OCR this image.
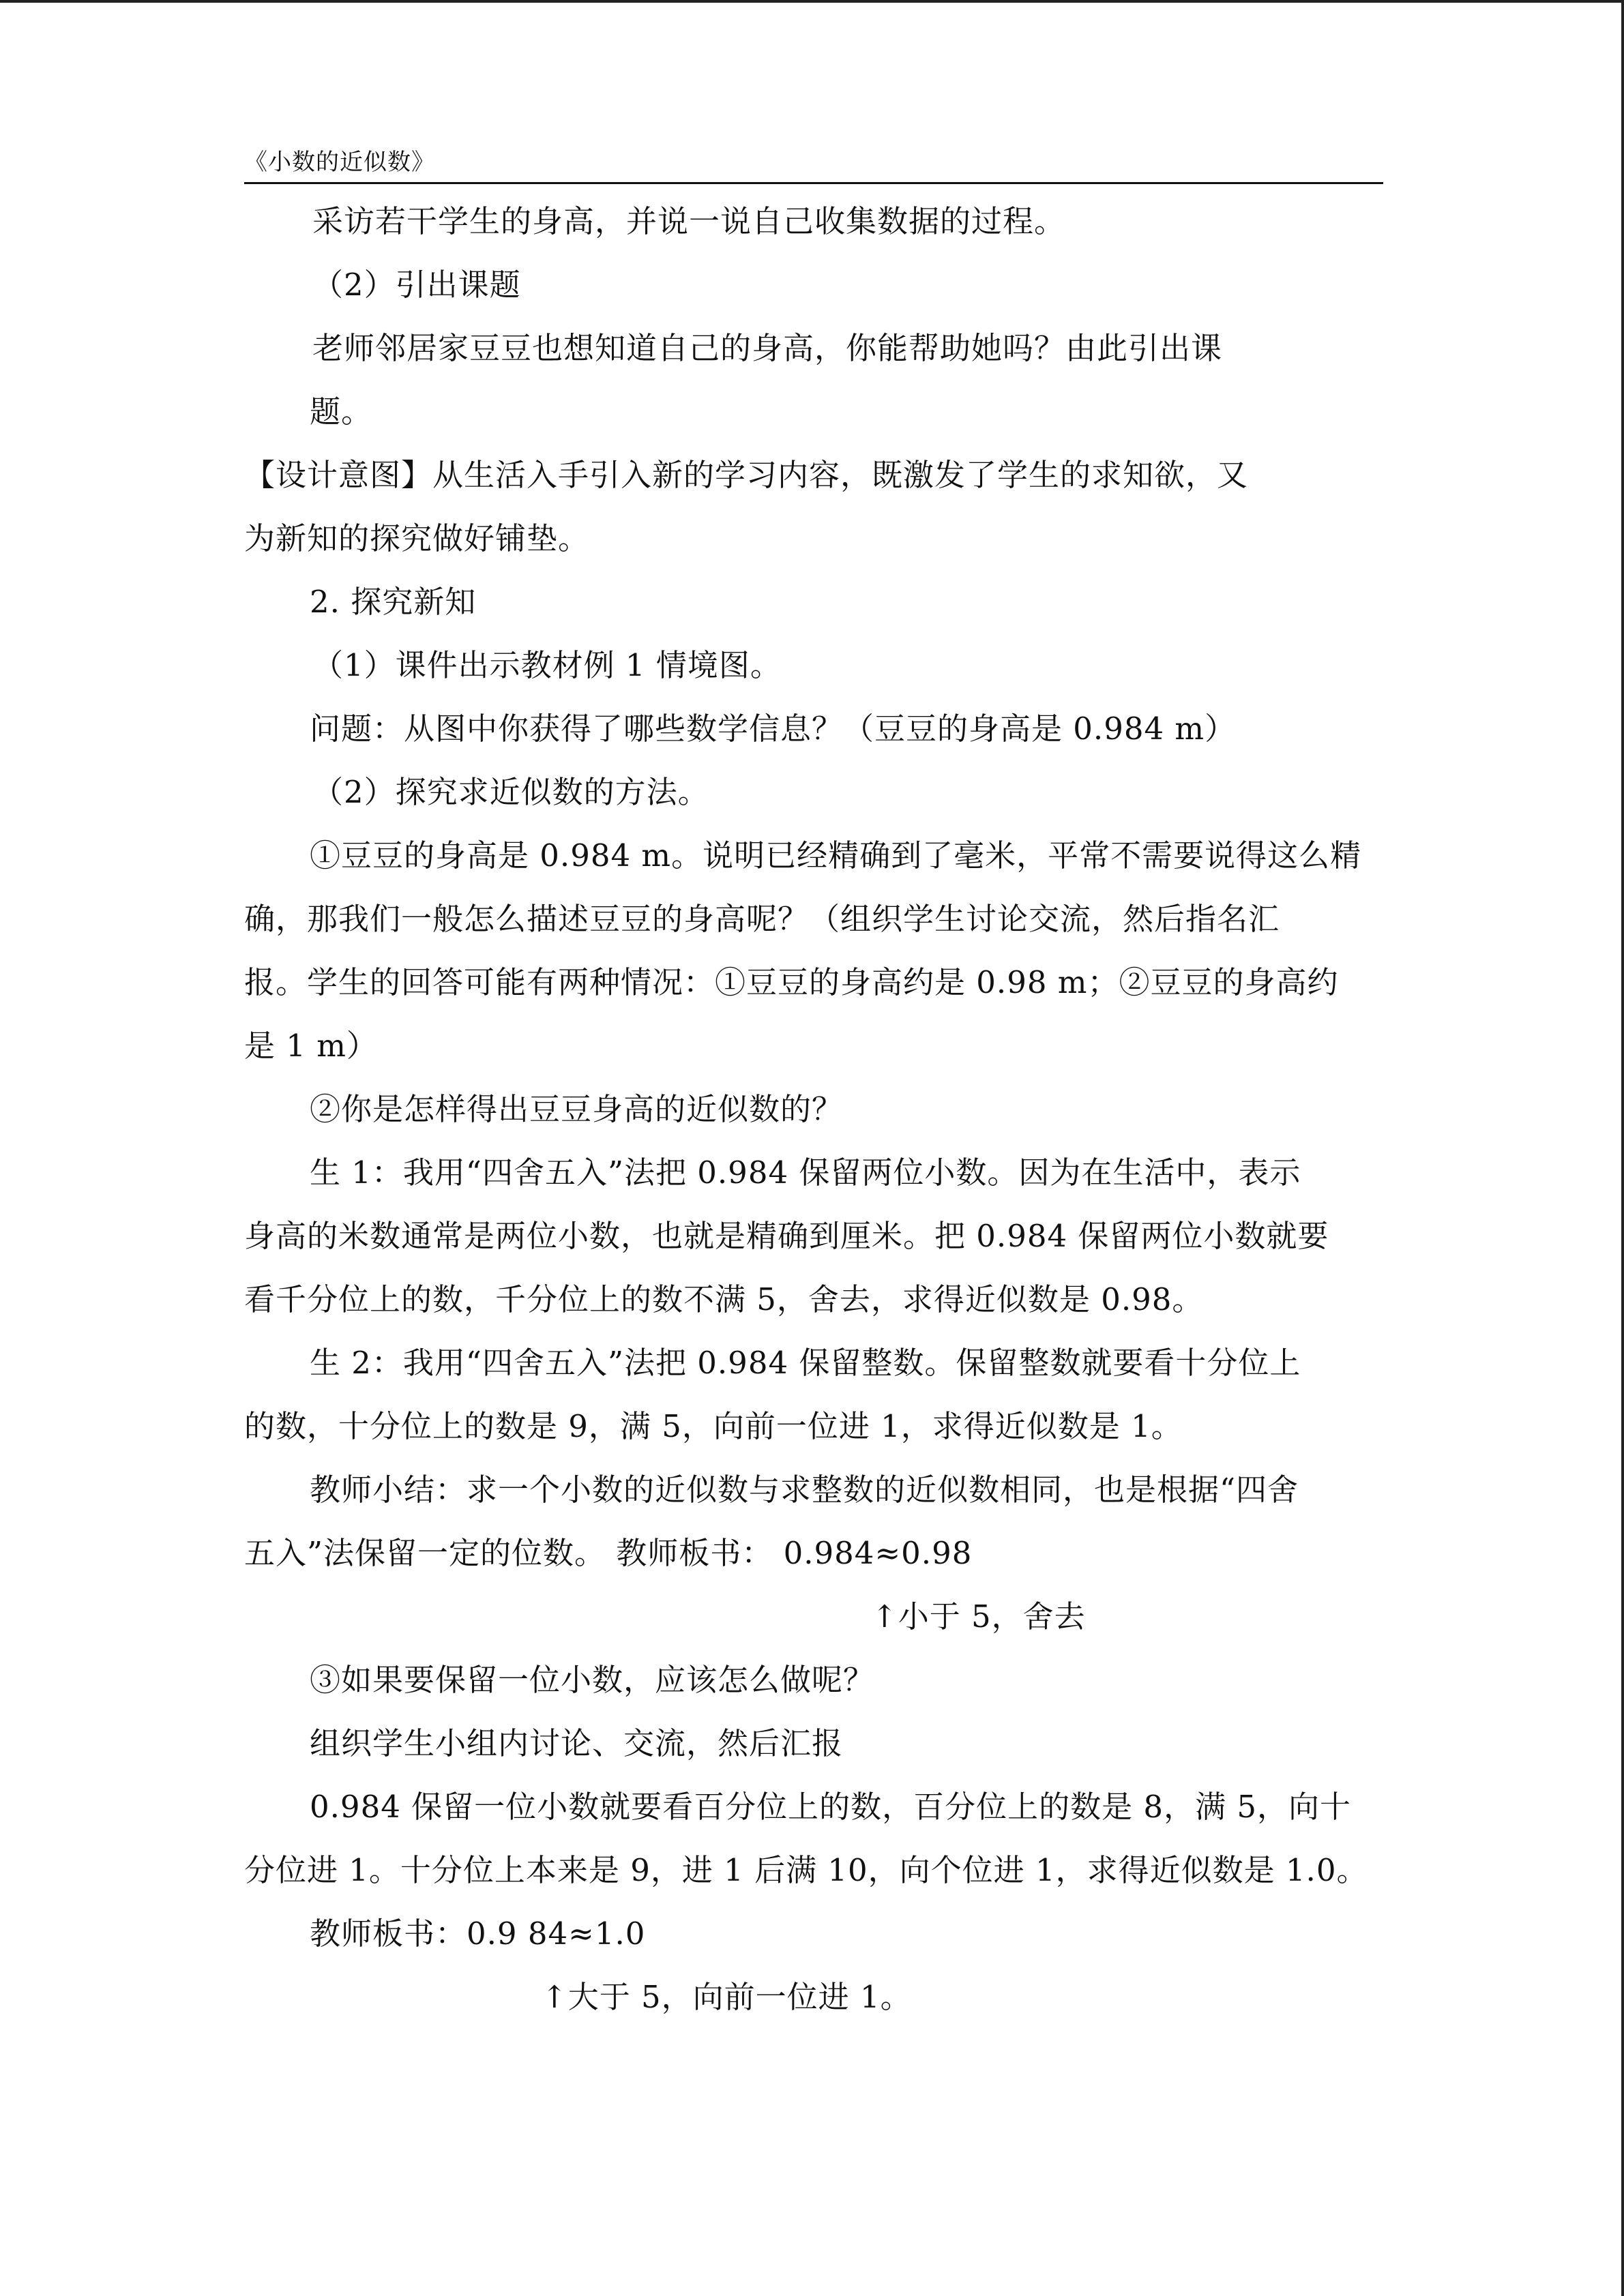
《小数的近似数》
采访若干学生的身高，并说一说自己收集数据的过程。
（2）引出课题
老师邻居家豆豆也想知道自己的身高，你能帮助她吗？由此引出课
题。
【设计意图】从生活入手引入新的学习内容，既激发了学生的求知欲，又
为新知的探究做好铺垫。
2. 探究新知
（1）课件出示教材例 1 情境图。
问题：从图中你获得了哪些数学信息？（豆豆的身高是 0.984 m）
（2）探究求近似数的方法。
①豆豆的身高是 0.984 m。说明已经精确到了毫米，平常不需要说得这么精
确，那我们一般怎么描述豆豆的身高呢？（组织学生讨论交流，然后指名汇
报。学生的回答可能有两种情况：①豆豆的身高约是 0.98 m；②豆豆的身高约
是 1 m）
②你是怎样得出豆豆身高的近似数的？
生 1：我用“四舍五入”法把 0.984 保留两位小数。因为在生活中，表示
身高的米数通常是两位小数，也就是精确到厘米。把 0.984 保留两位小数就要
看千分位上的数，千分位上的数不满 5，舍去，求得近似数是 0.98。
生 2：我用“四舍五入”法把 0.984 保留整数。保留整数就要看十分位上
的数，十分位上的数是 9，满 5，向前一位进 1，求得近似数是 1。
教师小结：求一个小数的近似数与求整数的近似数相同，也是根据“四舍
五入”法保留一定的位数。 教师板书： 0.984≈0.98
↑小于 5，舍去
③如果要保留一位小数，应该怎么做呢？
组织学生小组内讨论、交流，然后汇报
0.984 保留一位小数就要看百分位上的数，百分位上的数是 8，满 5，向十
分位进 1。十分位上本来是 9，进 1 后满 10，向个位进 1，求得近似数是 1.0。
教师板书：0.9 84≈1.0
↑大于 5，向前一位进 1。
